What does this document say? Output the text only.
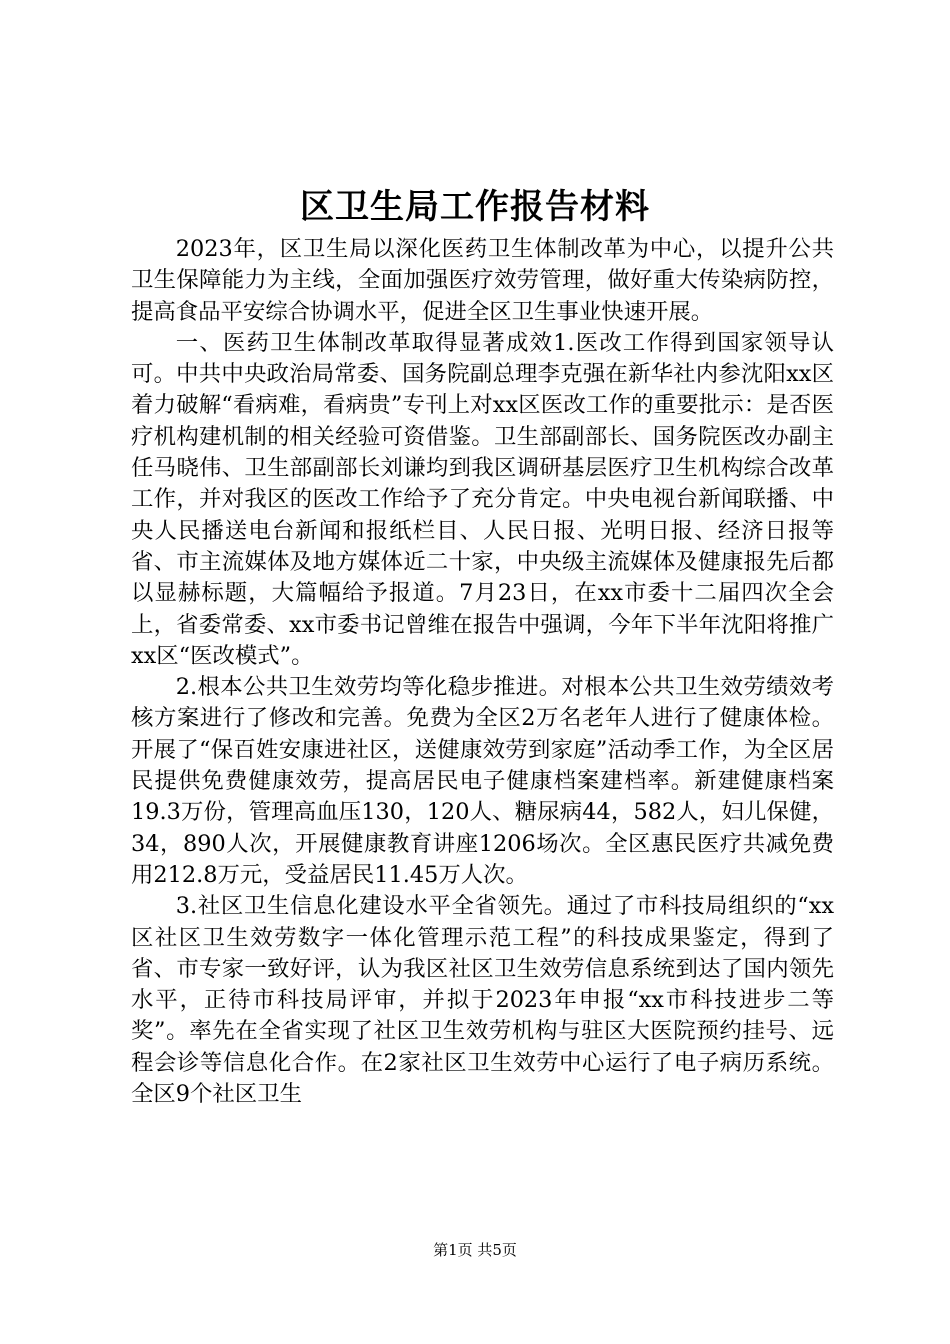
区卫生局工作报告材料

2023年，区卫生局以深化医药卫生体制改革为中心，以提升公共卫生保障能力为主线，全面加强医疗效劳管理，做好重大传染病防控，提高食品平安综合协调水平，促进全区卫生事业快速开展。

一、医药卫生体制改革取得显著成效1.医改工作得到国家领导认可。中共中央政治局常委、国务院副总理李克强在新华社内参沈阳xx区着力破解“看病难，看病贵”专刊上对xx区医改工作的重要批示：是否医疗机构建机制的相关经验可资借鉴。卫生部副部长、国务院医改办副主任马晓伟、卫生部副部长刘谦均到我区调研基层医疗卫生机构综合改革工作，并对我区的医改工作给予了充分肯定。中央电视台新闻联播、中央人民播送电台新闻和报纸栏目、人民日报、光明日报、经济日报等省、市主流媒体及地方媒体近二十家，中央级主流媒体及健康报先后都以显赫标题，大篇幅给予报道。7月23日，在xx市委十二届四次全会上，省委常委、xx市委书记曾维在报告中强调，今年下半年沈阳将推广xx区“医改模式”。

2.根本公共卫生效劳均等化稳步推进。对根本公共卫生效劳绩效考核方案进行了修改和完善。免费为全区2万名老年人进行了健康体检。开展了“保百姓安康进社区，送健康效劳到家庭”活动季工作，为全区居民提供免费健康效劳，提高居民电子健康档案建档率。新建健康档案19.3万份，管理高血压130，120人、糖尿病44，582人，妇儿保健，34，890人次，开展健康教育讲座1206场次。全区惠民医疗共减免费用212.8万元，受益居民11.45万人次。

3.社区卫生信息化建设水平全省领先。通过了市科技局组织的“xx区社区卫生效劳数字一体化管理示范工程”的科技成果鉴定，得到了省、市专家一致好评，认为我区社区卫生效劳信息系统到达了国内领先水平，正待市科技局评审，并拟于2023年申报“xx市科技进步二等奖”。率先在全省实现了社区卫生效劳机构与驻区大医院预约挂号、远程会诊等信息化合作。在2家社区卫生效劳中心运行了电子病历系统。全区9个社区卫生

第1页 共5页
